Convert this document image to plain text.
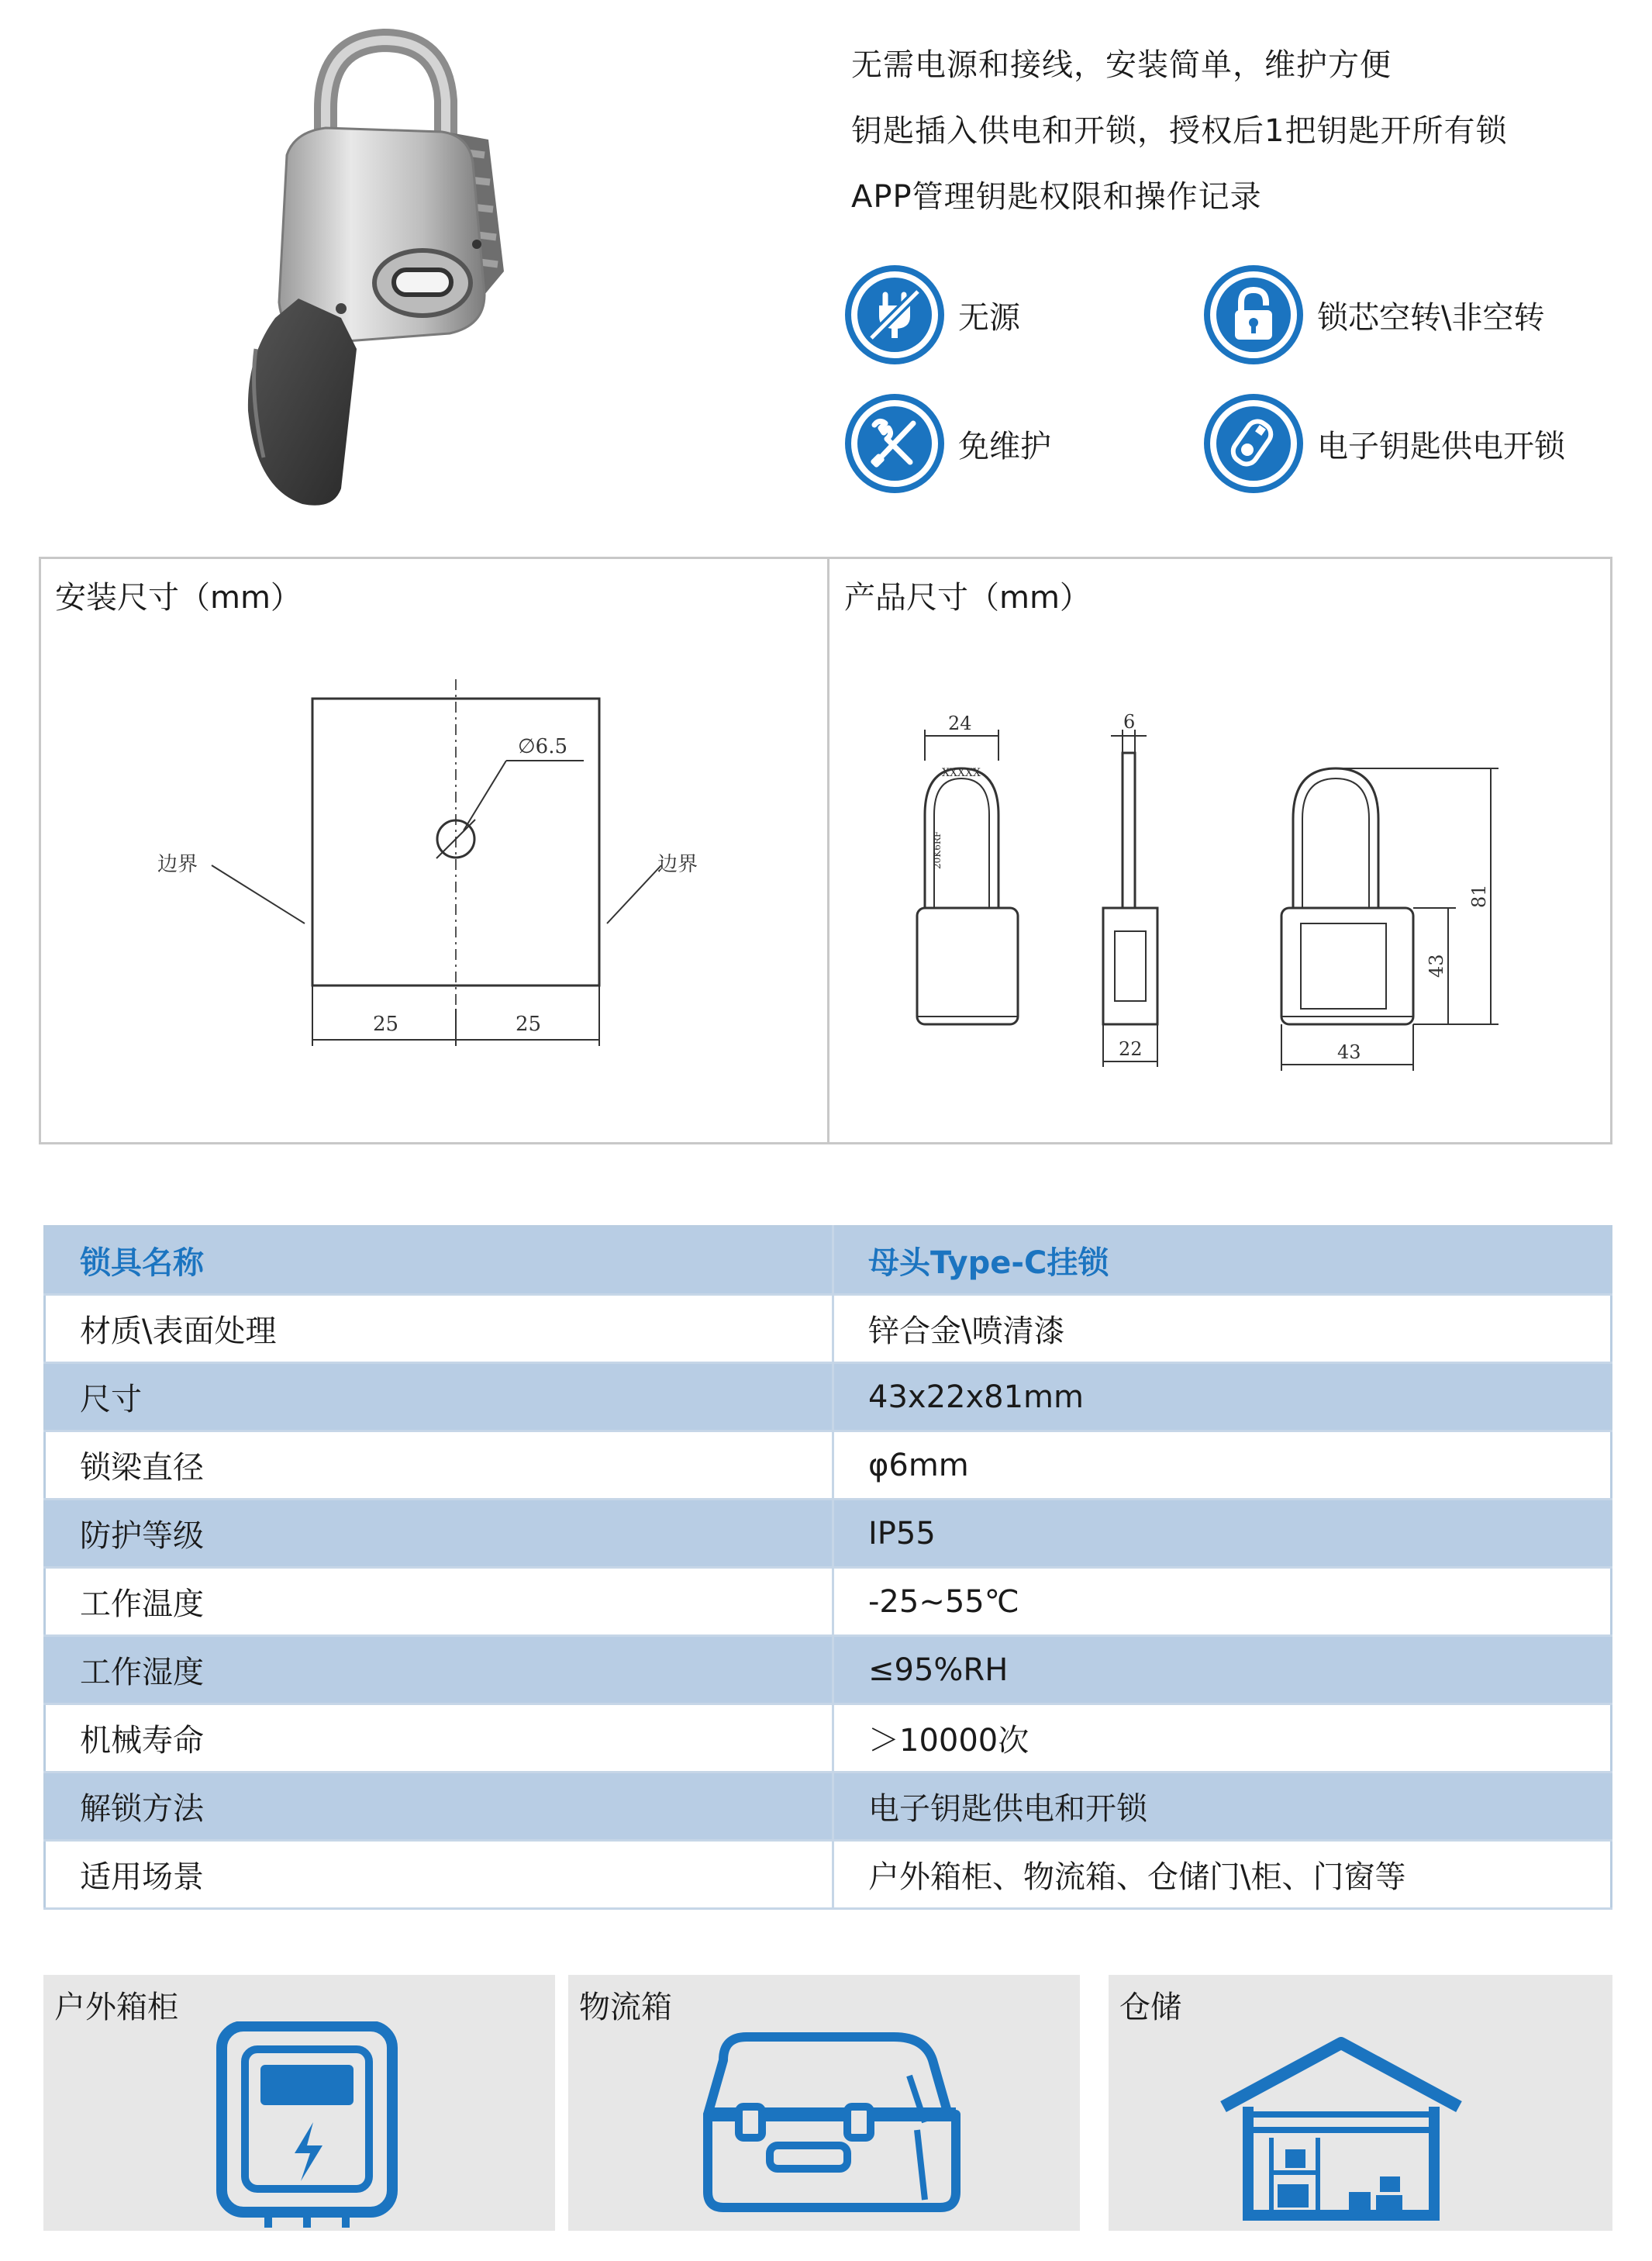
无需电源和接线，安装简单，维护方便
钥匙插入供电和开锁，授权后1把钥匙开所有锁
APP管理钥匙权限和操作记录
无源	锁芯空转\非空转
免维护	电子钥匙供电开锁
安装尺寸（mm）	产品尺寸（mm）
∅6.5
边界	边界
25	25
XXXXX
20K6RF
24	6
22
43
81
43
锁具名称	母头Type-C挂锁
材质\表面处理	锌合金\喷清漆
尺寸	43x22x81mm
锁梁直径	φ6mm
防护等级	IP55
工作温度	-25~55℃
工作湿度	≤95%RH
机械寿命	＞10000次
解锁方法	电子钥匙供电和开锁
适用场景	户外箱柜、物流箱、仓储门\柜、门窗等
户外箱柜	物流箱	仓储
